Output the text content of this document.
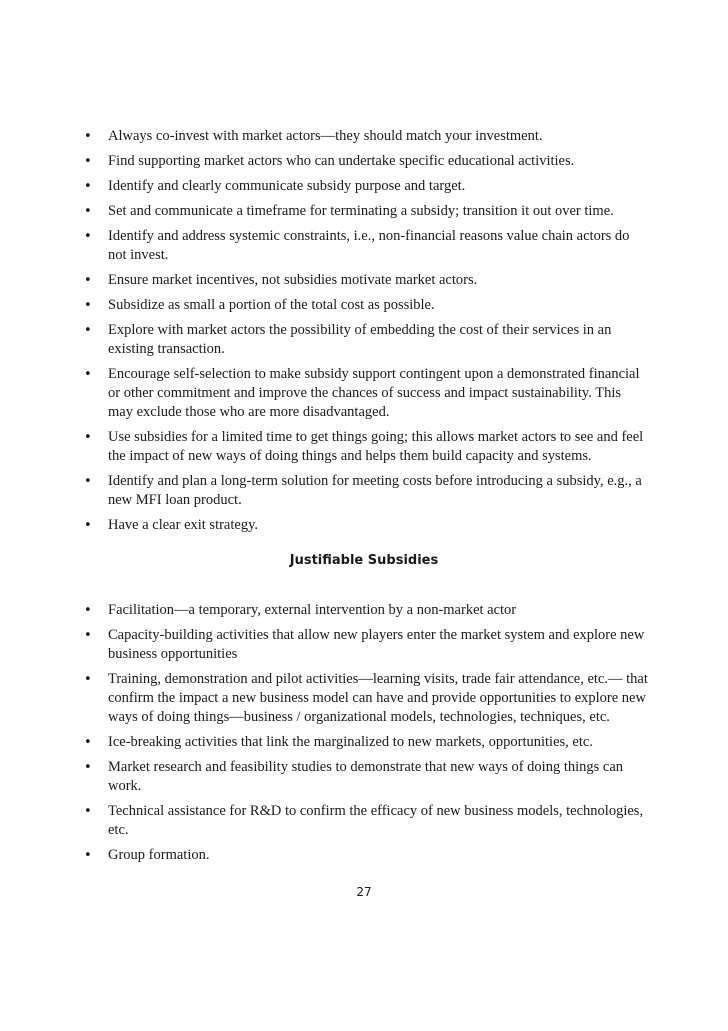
• Always co-invest with market actors—they should match your investment.
• Find supporting market actors who can undertake specific educational activities.
• Identify and clearly communicate subsidy purpose and target.
• Set and communicate a timeframe for terminating a subsidy; transition it out over time.
• Identify and address systemic constraints, i.e., non-financial reasons value chain actors do not invest.
• Ensure market incentives, not subsidies motivate market actors.
• Subsidize as small a portion of the total cost as possible.
• Explore with market actors the possibility of embedding the cost of their services in an existing transaction.
• Encourage self-selection to make subsidy support contingent upon a demonstrated financial or other commitment and improve the chances of success and impact sustainability. This may exclude those who are more disadvantaged.
• Use subsidies for a limited time to get things going; this allows market actors to see and feel the impact of new ways of doing things and helps them build capacity and systems.
• Identify and plan a long-term solution for meeting costs before introducing a subsidy, e.g., a new MFI loan product.
• Have a clear exit strategy.
Justifiable Subsidies
• Facilitation—a temporary, external intervention by a non-market actor
• Capacity-building activities that allow new players enter the market system and explore new business opportunities
• Training, demonstration and pilot activities—learning visits, trade fair attendance, etc.— that confirm the impact a new business model can have and provide opportunities to explore new ways of doing things—business / organizational models, technologies, techniques, etc.
• Ice-breaking activities that link the marginalized to new markets, opportunities, etc.
• Market research and feasibility studies to demonstrate that new ways of doing things can work.
• Technical assistance for R&D to confirm the efficacy of new business models, technologies, etc.
• Group formation.
27
